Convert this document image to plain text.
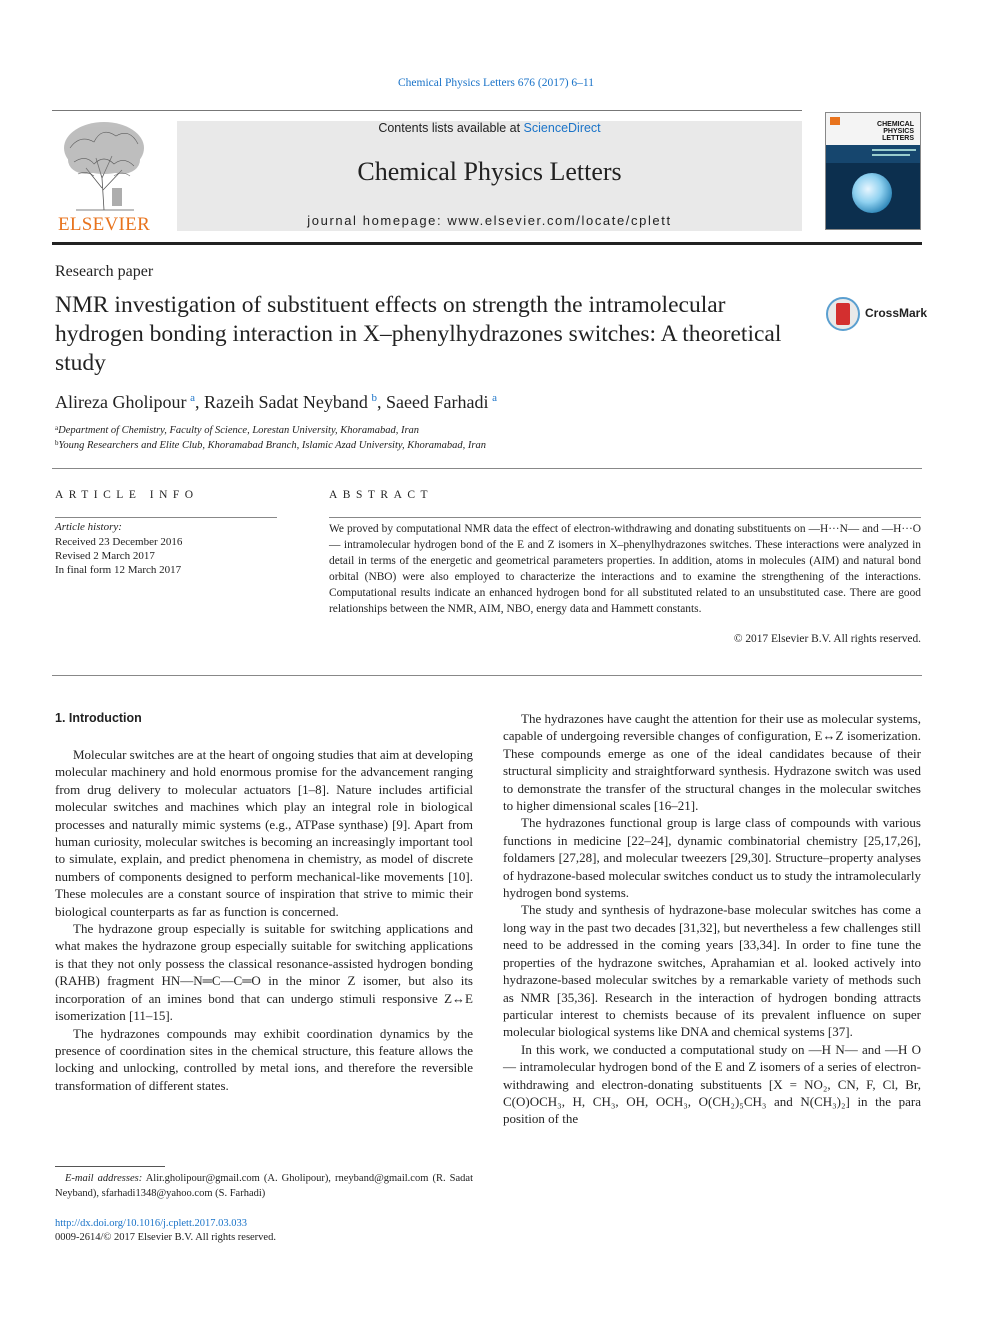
Chemical Physics Letters 676 (2017) 6–11
ELSEVIER
Contents lists available at ScienceDirect
Chemical Physics Letters
journal homepage: www.elsevier.com/locate/cplett
CHEMICAL PHYSICS LETTERS
Research paper
NMR investigation of substituent effects on strength the intramolecular hydrogen bonding interaction in X–phenylhydrazones switches: A theoretical study
CrossMark
Alireza Gholipour  $^a$, Razeih Sadat Neyband  $^b$, Saeed Farhadi  $^a$
$^a$Department of Chemistry, Faculty of Science, Lorestan University, Khoramabad, Iran
$^b$Young Researchers and Elite Club, Khoramabad Branch, Islamic Azad University, Khoramabad, Iran
ARTICLE INFO
Article history:
Received 23 December 2016
Revised 2 March 2017
In final form 12 March 2017
ABSTRACT
We proved by computational NMR data the effect of electron-withdrawing and donating substituents on —H···N— and —H···O— intramolecular hydrogen bond of the E and Z isomers in X–phenylhydrazones switches. These interactions were analyzed in detail in terms of the energetic and geometrical parameters properties. In addition, atoms in molecules (AIM) and natural bond orbital (NBO) were also employed to characterize the interactions and to examine the strengthening of the interactions. Computational results indicate an enhanced hydrogen bond for all substituted related to an unsubstituted case. There are good relationships between the NMR, AIM, NBO, energy data and Hammett constants.
© 2017 Elsevier B.V. All rights reserved.
1. Introduction

Molecular switches are at the heart of ongoing studies that aim at developing molecular machinery and hold enormous promise for the advancement ranging from drug delivery to molecular actuators [1–8]. Nature includes artificial molecular switches and machines which play an integral role in biological processes and naturally mimic systems (e.g., ATPase synthase) [9]. Apart from human curiosity, molecular switches is becoming an increasingly important tool to simulate, explain, and predict phenomena in chemistry, as model of discrete numbers of components designed to perform mechanical-like movements [10]. These molecules are a constant source of inspiration that strive to mimic their biological counterparts as far as function is concerned.

The hydrazone group especially is suitable for switching applications and what makes the hydrazone group especially suitable for switching applications is that they not only possess the classical resonance-assisted hydrogen bonding (RAHB) fragment HN—N═C—C═O in the minor Z isomer, but also its incorporation of an imines bond that can undergo stimuli responsive Z↔E isomerization [11–15].

The hydrazones compounds may exhibit coordination dynamics by the presence of coordination sites in the chemical structure, this feature allows the locking and unlocking, controlled by metal ions, and therefore the reversible transformation of different states.

The hydrazones have caught the attention for their use as molecular systems, capable of undergoing reversible changes of configuration, E↔Z isomerization. These compounds emerge as one of the ideal candidates because of their structural simplicity and straightforward synthesis. Hydrazone switch was used to demonstrate the transfer of the structural changes in the molecular switches to higher dimensional scales [16–21].

The hydrazones functional group is large class of compounds with various functions in medicine [22–24], dynamic combinatorial chemistry [25,17,26], foldamers [27,28], and molecular tweezers [29,30]. Structure–property analyses of hydrazone-based molecular switches conduct us to study the intramolecularly hydrogen bond systems.

The study and synthesis of hydrazone-base molecular switches has come a long way in the past two decades [31,32], but nevertheless a few challenges still need to be addressed in the coming years [33,34]. In order to fine tune the properties of the hydrazone switches, Aprahamian et al. looked actively into hydrazone-based molecular switches by a remarkable variety of methods such as NMR [35,36]. Research in the interaction of hydrogen bonding attracts particular interest to chemists because of its prevalent influence on super molecular biological systems like DNA and chemical systems [37].

In this work, we conducted a computational study on —H N— and —H O— intramolecular hydrogen bond of the E and Z isomers of a series of electron-withdrawing and electron-donating substituents [X = NO₂, CN, F, Cl, Br, C(O)OCH₃, H, CH₃, OH, OCH₃, O(CH₂)₅CH₃ and N(CH₃)₂] in the para position of the

E-mail addresses: Alir.gholipour@gmail.com (A. Gholipour), rneyband@gmail.com (R. Sadat Neyband), sfarhadi1348@yahoo.com (S. Farhadi)
http://dx.doi.org/10.1016/j.cplett.2017.03.033
0009-2614/© 2017 Elsevier B.V. All rights reserved.
